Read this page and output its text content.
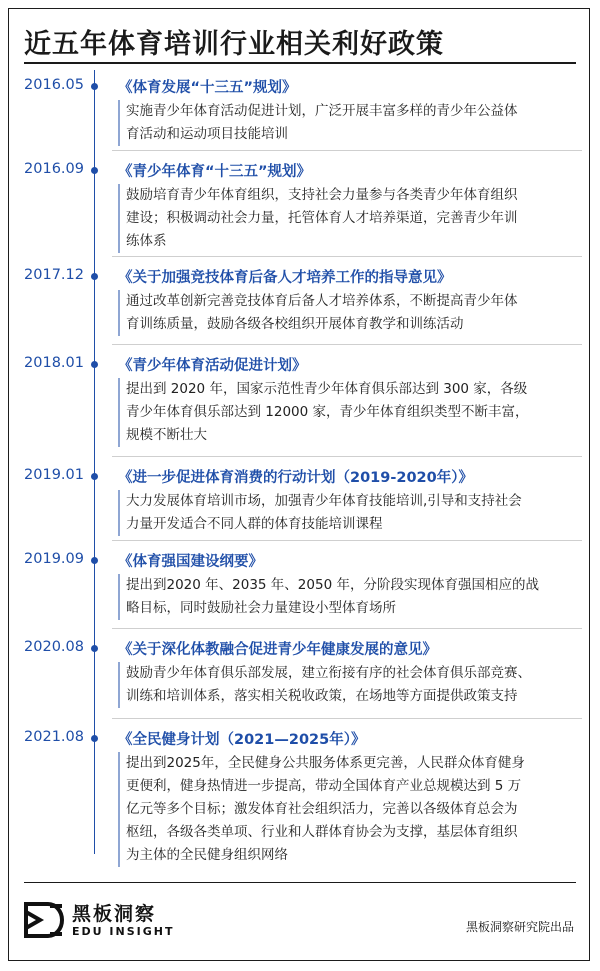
近五年体育培训行业相关利好政策
2016.05 《体育发展“十三五”规划》
实施青少年体育活动促进计划，广泛开展丰富多样的青少年公益体
育活动和运动项目技能培训
2016.09 《青少年体育“十三五”规划》
鼓励培育青少年体育组织，支持社会力量参与各类青少年体育组织
建设；积极调动社会力量，托管体育人才培养渠道，完善青少年训
练体系
2017.12 《关于加强竞技体育后备人才培养工作的指导意见》
通过改革创新完善竞技体育后备人才培养体系，不断提高青少年体
育训练质量，鼓励各级各校组织开展体育教学和训练活动
2018.01 《青少年体育活动促进计划》
提出到 2020 年，国家示范性青少年体育俱乐部达到 300 家，各级
青少年体育俱乐部达到 12000 家，青少年体育组织类型不断丰富，
规模不断壮大
2019.01 《进一步促进体育消费的行动计划（2019-2020年）》
大力发展体育培训市场，加强青少年体育技能培训,引导和支持社会
力量开发适合不同人群的体育技能培训课程
2019.09 《体育强国建设纲要》
提出到2020 年、2035 年、2050 年，分阶段实现体育强国相应的战
略目标，同时鼓励社会力量建设小型体育场所
2020.08 《关于深化体教融合促进青少年健康发展的意见》
鼓励青少年体育俱乐部发展，建立衔接有序的社会体育俱乐部竞赛、
训练和培训体系，落实相关税收政策，在场地等方面提供政策支持
2021.08 《全民健身计划（2021—2025年）》
提出到2025年，全民健身公共服务体系更完善，人民群众体育健身
更便利，健身热情进一步提高，带动全国体育产业总规模达到 5 万
亿元等多个目标；激发体育社会组织活力，完善以各级体育总会为
枢纽，各级各类单项、行业和人群体育协会为支撑，基层体育组织
为主体的全民健身组织网络
黑板洞察
EDU INSIGHT	黑板洞察研究院出品
